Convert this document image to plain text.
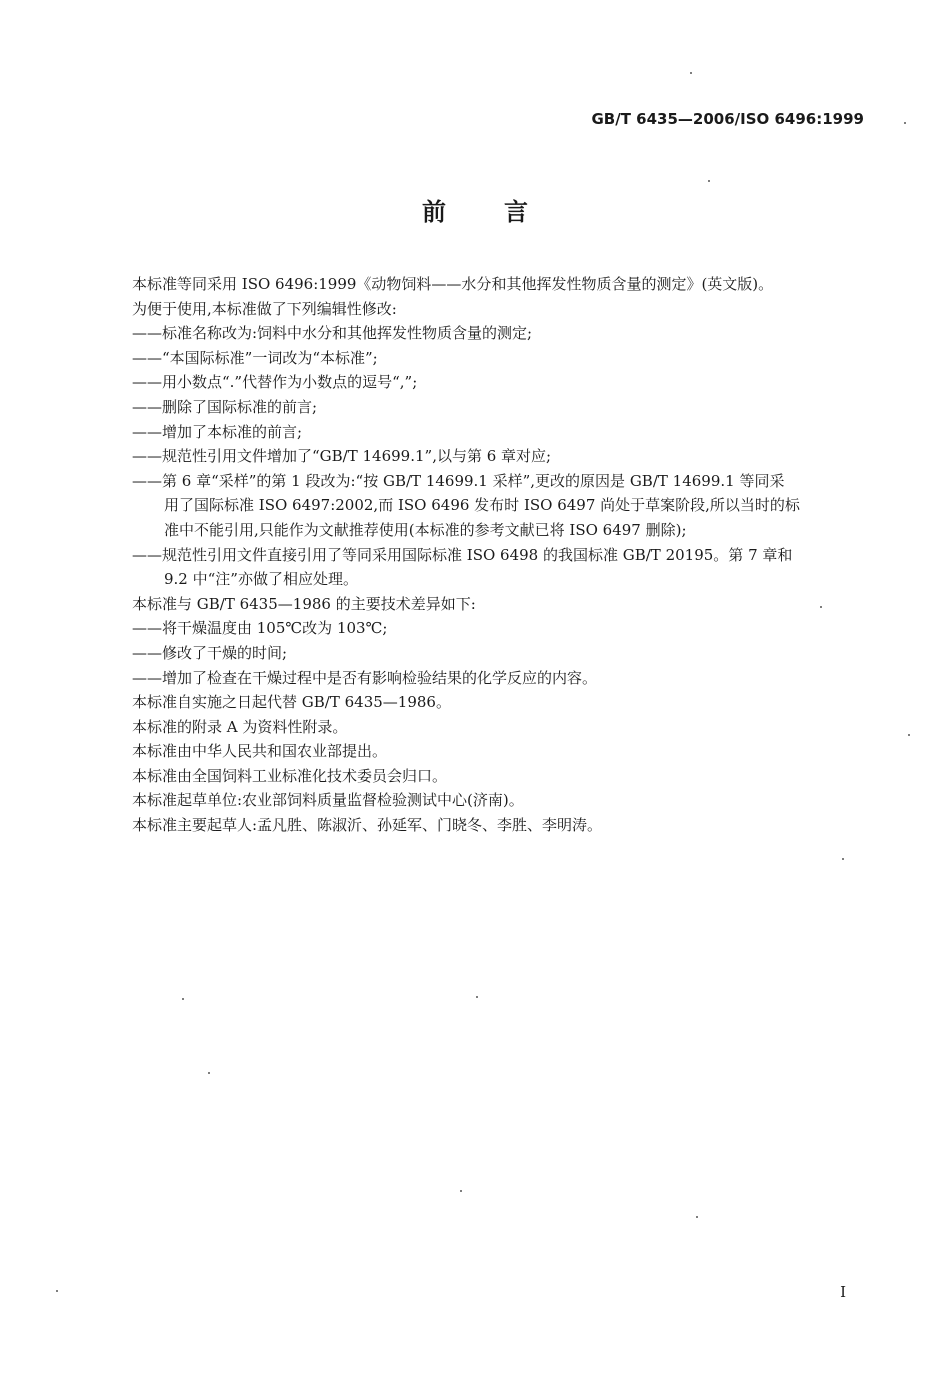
GB/T 6435—2006/ISO 6496:1999
前言

本标准等同采用 ISO 6496:1999《动物饲料——水分和其他挥发性物质含量的测定》(英文版)。

为便于使用,本标准做了下列编辑性修改:

——标准名称改为:饲料中水分和其他挥发性物质含量的测定;
——“本国际标准”一词改为“本标准”;
——用小数点“.”代替作为小数点的逗号“,”;
——删除了国际标准的前言;
——增加了本标准的前言;
——规范性引用文件增加了“GB/T 14699.1”,以与第 6 章对应;
——第 6 章“采样”的第 1 段改为:“按 GB/T 14699.1 采样”,更改的原因是 GB/T 14699.1 等同采
用了国际标准 ISO 6497:2002,而 ISO 6496 发布时 ISO 6497 尚处于草案阶段,所以当时的标
准中不能引用,只能作为文献推荐使用(本标准的参考文献已将 ISO 6497 删除);
——规范性引用文件直接引用了等同采用国际标准 ISO 6498 的我国标准 GB/T 20195。第 7 章和
9.2 中“注”亦做了相应处理。

本标准与 GB/T 6435—1986 的主要技术差异如下:

——将干燥温度由 105℃改为 103℃;
——修改了干燥的时间;
——增加了检查在干燥过程中是否有影响检验结果的化学反应的内容。

本标准自实施之日起代替 GB/T 6435—1986。

本标准的附录 A 为资料性附录。

本标准由中华人民共和国农业部提出。

本标准由全国饲料工业标准化技术委员会归口。

本标准起草单位:农业部饲料质量监督检验测试中心(济南)。

本标准主要起草人:孟凡胜、陈淑沂、孙延军、门晓冬、李胜、李明涛。

I
